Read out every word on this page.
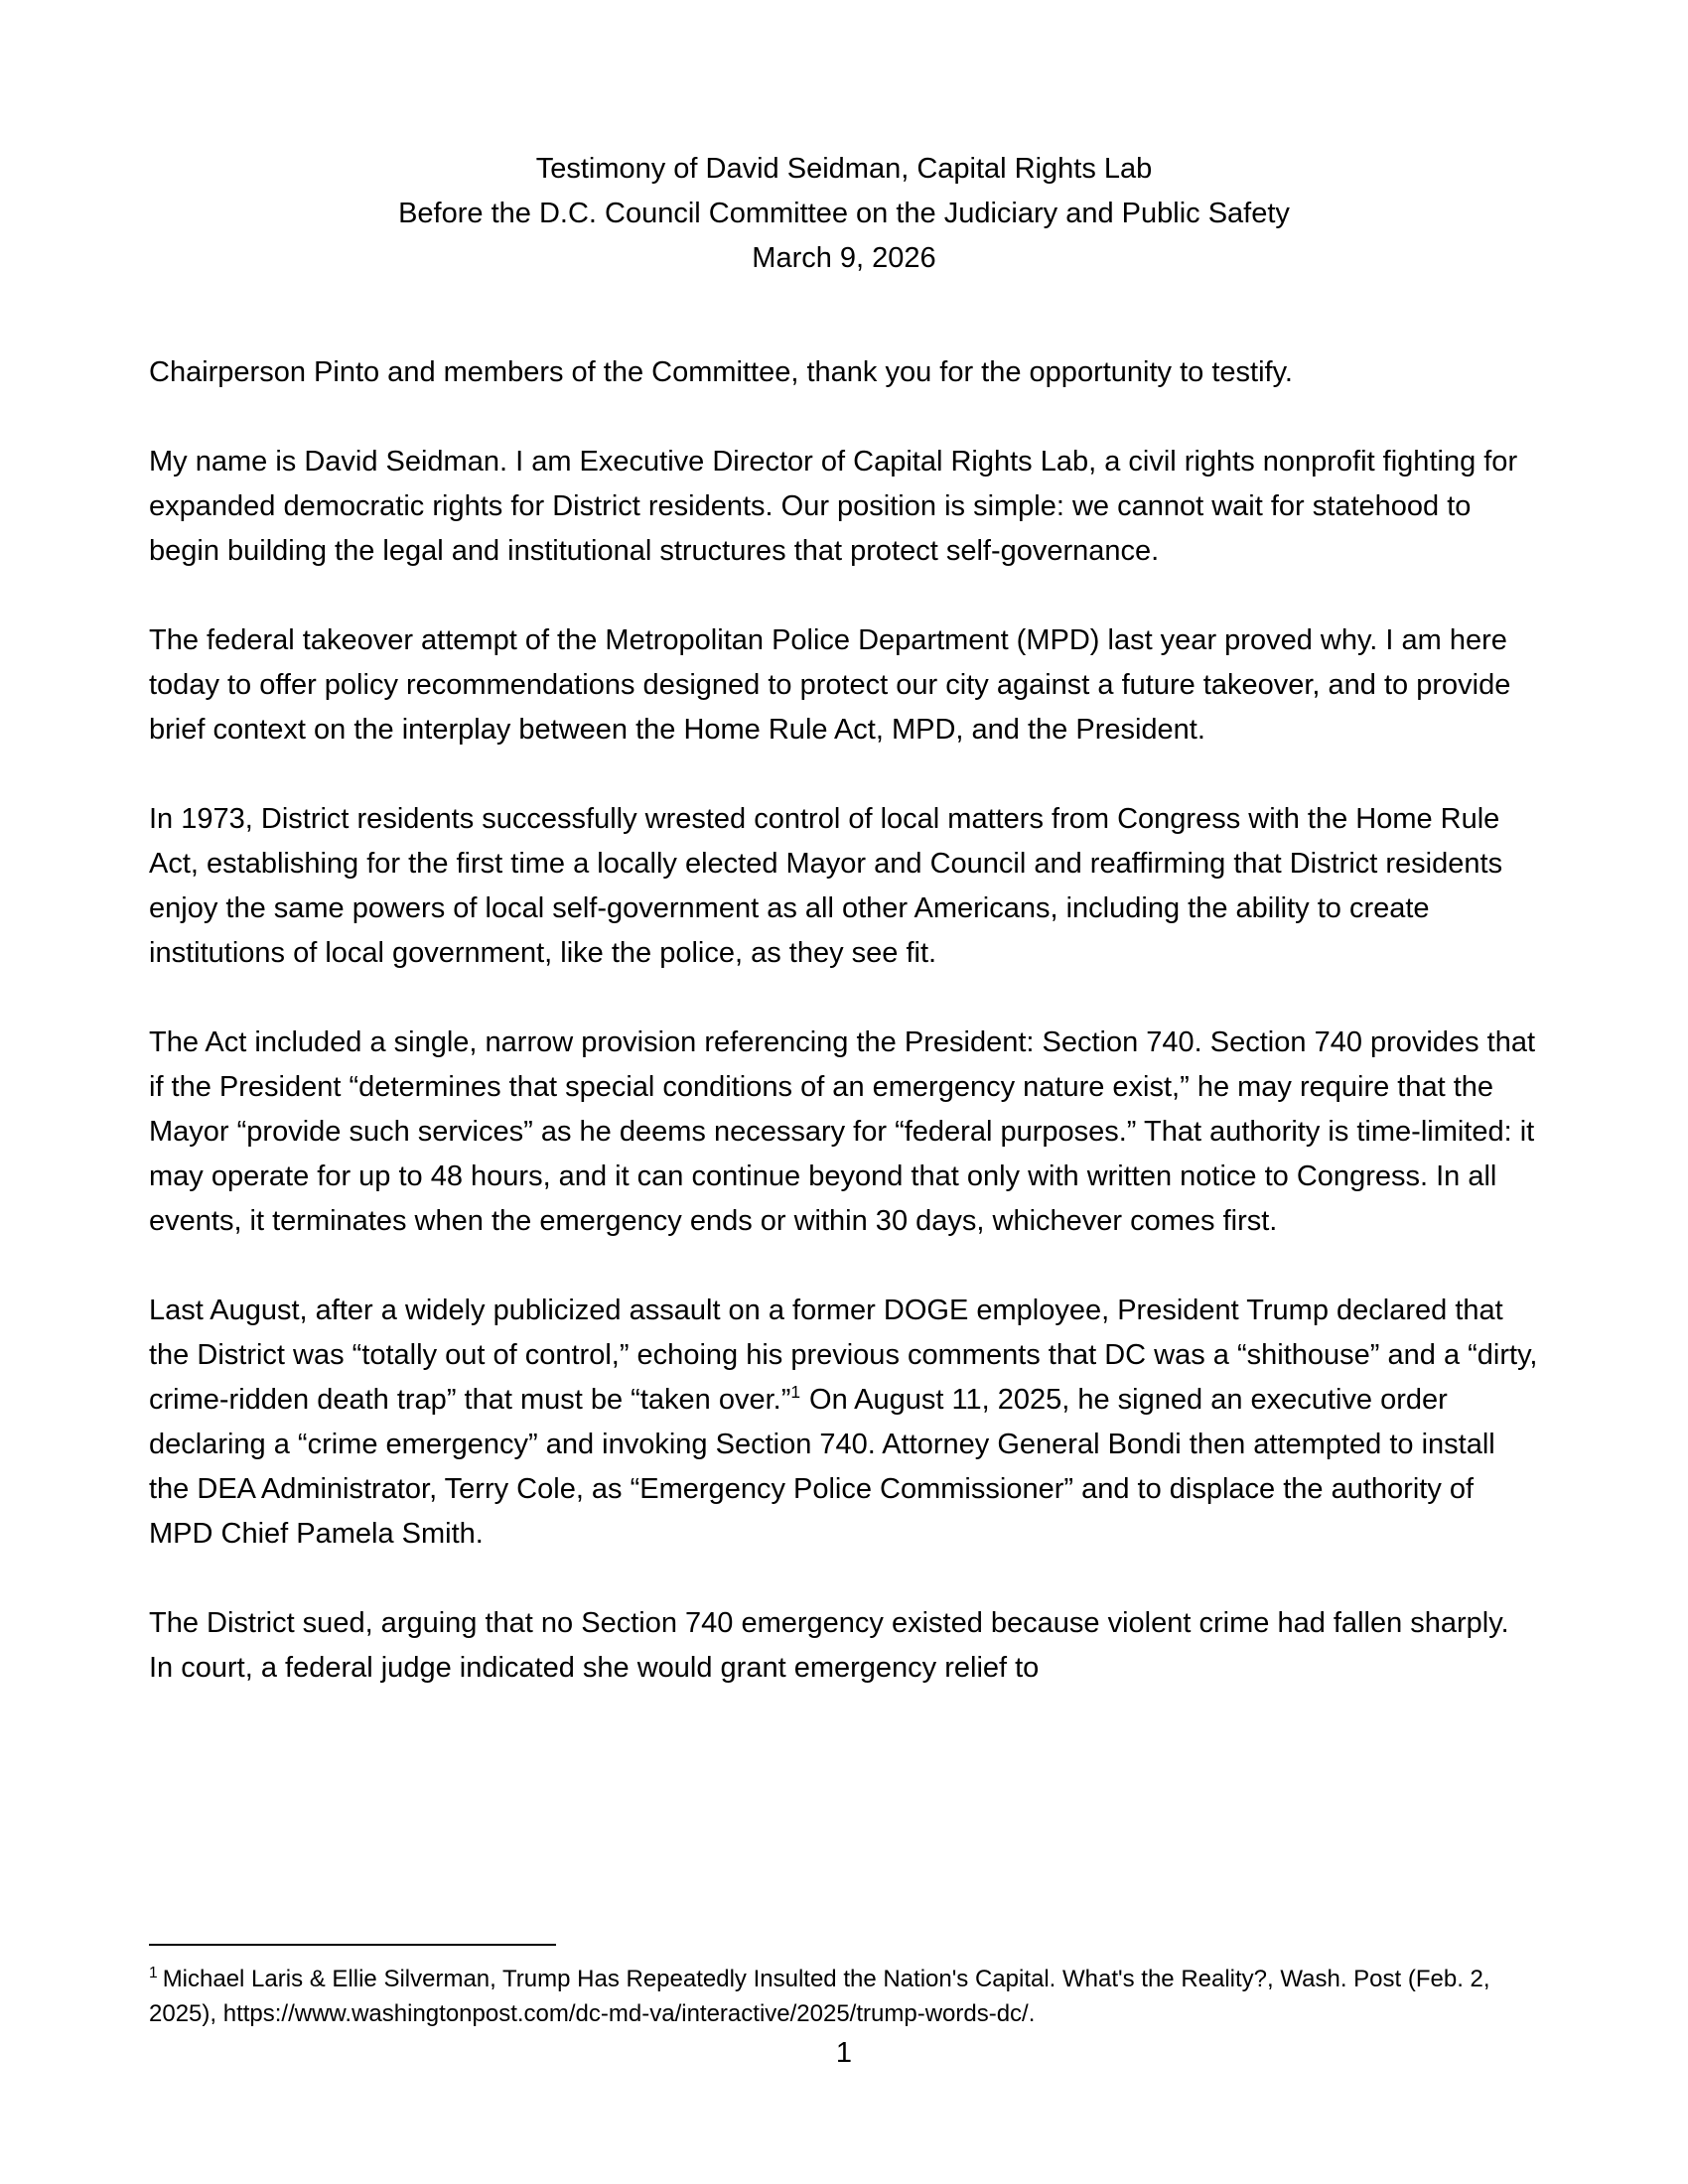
Testimony of David Seidman, Capital Rights Lab
Before the D.C. Council Committee on the Judiciary and Public Safety
March 9, 2026

Chairperson Pinto and members of the Committee, thank you for the opportunity to testify.

My name is David Seidman. I am Executive Director of Capital Rights Lab, a civil rights nonprofit fighting for expanded democratic rights for District residents. Our position is simple: we cannot wait for statehood to begin building the legal and institutional structures that protect self-governance.

The federal takeover attempt of the Metropolitan Police Department (MPD) last year proved why. I am here today to offer policy recommendations designed to protect our city against a future takeover, and to provide brief context on the interplay between the Home Rule Act, MPD, and the President.

In 1973, District residents successfully wrested control of local matters from Congress with the Home Rule Act, establishing for the first time a locally elected Mayor and Council and reaffirming that District residents enjoy the same powers of local self-government as all other Americans, including the ability to create institutions of local government, like the police, as they see fit.

The Act included a single, narrow provision referencing the President: Section 740. Section 740 provides that if the President “determines that special conditions of an emergency nature exist,” he may require that the Mayor “provide such services” as he deems necessary for “federal purposes.” That authority is time-limited: it may operate for up to 48 hours, and it can continue beyond that only with written notice to Congress. In all events, it terminates when the emergency ends or within 30 days, whichever comes first.

Last August, after a widely publicized assault on a former DOGE employee, President Trump declared that the District was “totally out of control,” echoing his previous comments that DC was a “shithouse” and a “dirty, crime-ridden death trap” that must be “taken over.”$^1$ On August 11, 2025, he signed an executive order declaring a “crime emergency” and invoking Section 740. Attorney General Bondi then attempted to install the DEA Administrator, Terry Cole, as “Emergency Police Commissioner” and to displace the authority of MPD Chief Pamela Smith.

The District sued, arguing that no Section 740 emergency existed because violent crime had fallen sharply. In court, a federal judge indicated she would grant emergency relief to

$^1$ Michael Laris & Ellie Silverman, Trump Has Repeatedly Insulted the Nation's Capital. What's the Reality?, Wash. Post (Feb. 2, 2025), https://www.washingtonpost.com/dc-md-va/interactive/2025/trump-words-dc/.
1
